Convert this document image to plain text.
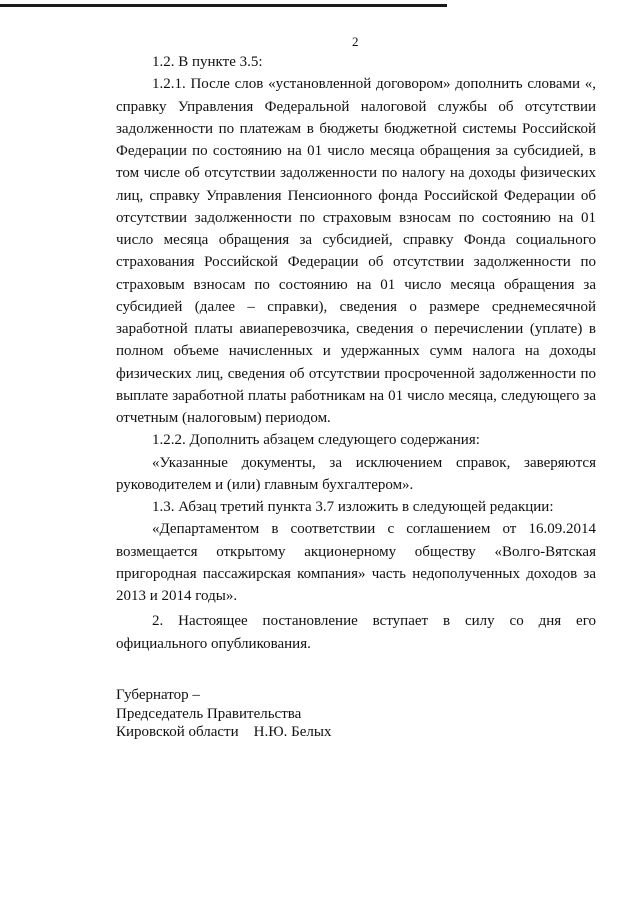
2

1.2. В пункте 3.5:

1.2.1. После слов «установленной договором» дополнить словами «, справку Управления Федеральной налоговой службы об отсутствии задолженности по платежам в бюджеты бюджетной системы Российской Федерации по состоянию на 01 число месяца обращения за субсидией, в том числе об отсутствии задолженности по налогу на доходы физических лиц, справку Управления Пенсионного фонда Российской Федерации об отсутствии задолженности по страховым взносам по состоянию на 01 число месяца обращения за субсидией, справку Фонда социального страхования Российской Федерации об отсутствии задолженности по страховым взносам по состоянию на 01 число месяца обращения за субсидией (далее – справки), сведения о размере среднемесячной заработной платы авиаперевозчика, сведения о перечислении (уплате) в полном объеме начисленных и удержанных сумм налога на доходы физических лиц, сведения об отсутствии просроченной задолженности по выплате заработной платы работникам на 01 число месяца, следующего за отчетным (налоговым) периодом.

1.2.2. Дополнить абзацем следующего содержания:

«Указанные документы, за исключением справок, заверяются руководителем и (или) главным бухгалтером».

1.3. Абзац третий пункта 3.7 изложить в следующей редакции:

«Департаментом в соответствии с соглашением от 16.09.2014 возмещается открытому акционерному обществу «Волго-Вятская пригородная пассажирская компания» часть недополученных доходов за 2013 и 2014 годы».

2. Настоящее постановление вступает в силу со дня его официального опубликования.

Губернатор –
Председатель Правительства
Кировской области    Н.Ю. Белых
